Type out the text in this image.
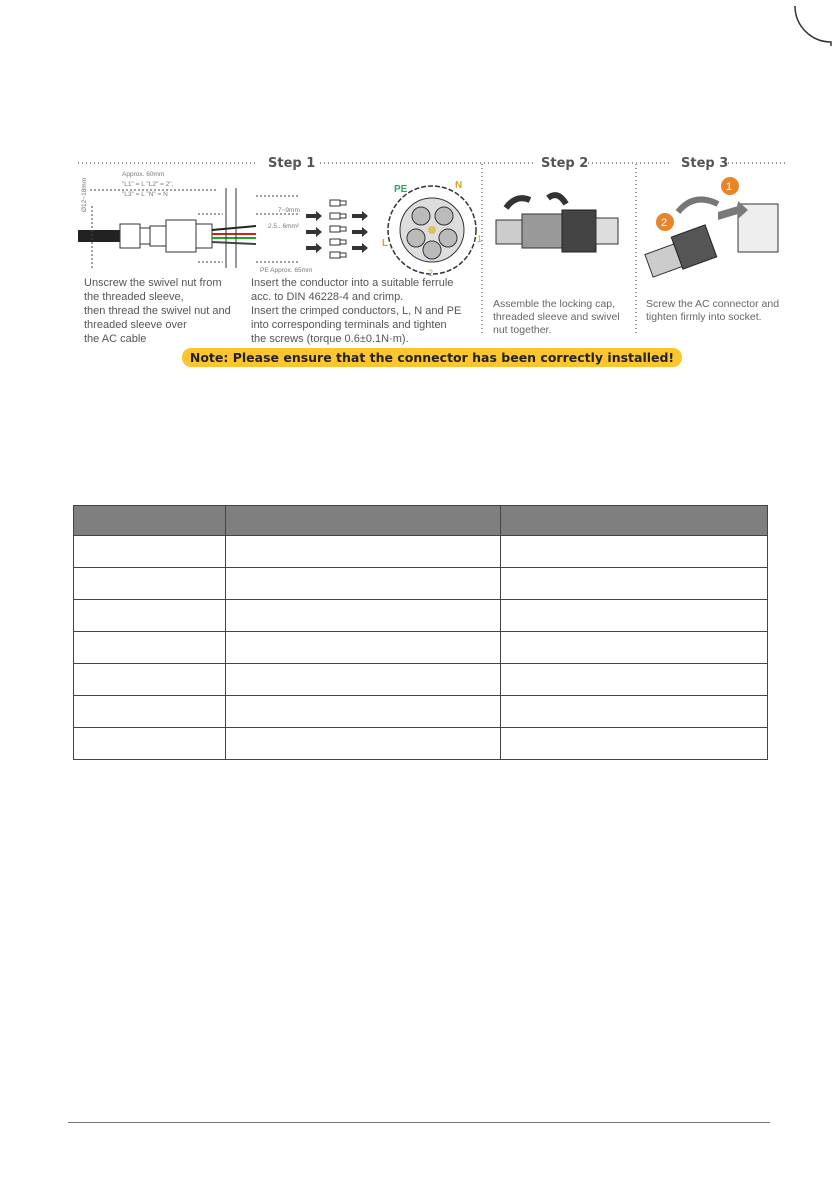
Step 1	Step 2	Step 3
Ø12~18mm
Approx. 60mm
"L1" = L "L2" = 2",
"L3" = L "N" = N
7~9mm
2.5...6mm²
PE Approx. 65mm
PE	N
L	1
2
1
2
Unscrew the swivel nut from
the threaded sleeve,
then thread the swivel nut and
threaded sleeve over
the AC cable
Insert the conductor into a suitable ferrule
acc. to DIN 46228-4 and crimp.
Insert the crimped conductors, L, N and PE
into corresponding terminals and tighten
the screws (torque 0.6±0.1N·m).
Assemble the locking cap,
threaded sleeve and swivel
nut together.
Screw the AC connector and
tighten firmly into socket.
Note: Please ensure that the connector has been correctly installed!
